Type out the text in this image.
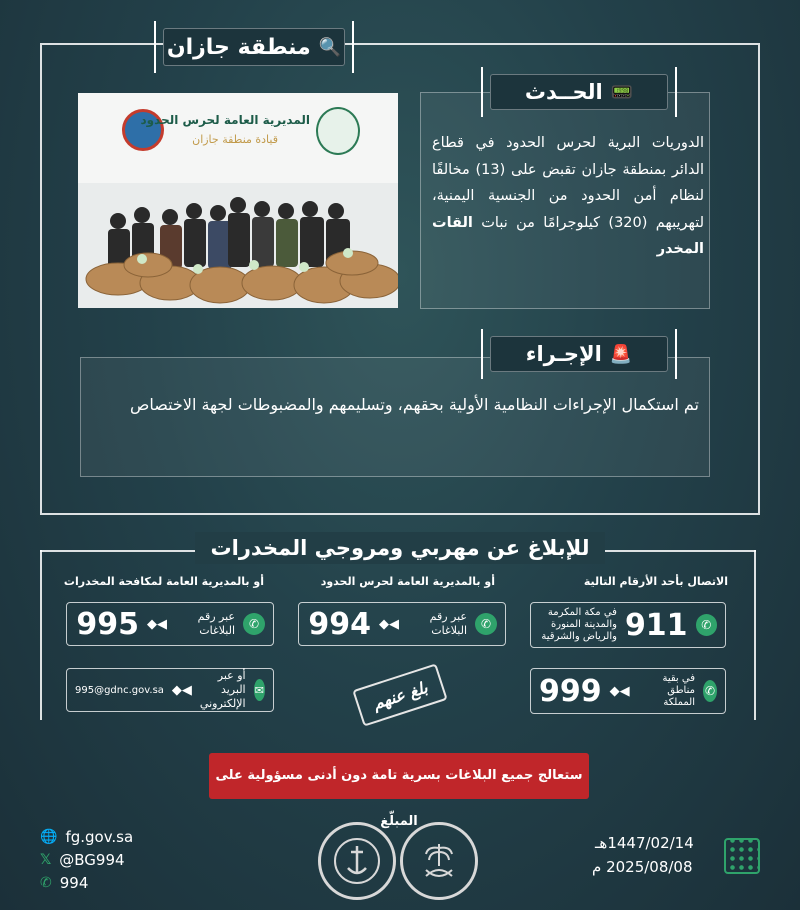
🔍
منطقة جازان
المديرية العامة لحرس الحدود
قيادة منطقة جازان
📟
الحــدث
الدوريات البرية لحرس الحدود في قطاع الدائر بمنطقة جازان تقبض على (13) مخالفًا لنظام أمن الحدود من الجنسية اليمنية، لتهريبهم (320) كيلوجرامًا من نبات القات المخدر
🚨
الإجـراء
تم استكمال الإجراءات النظامية الأولية بحقهم، وتسليمهم والمضبوطات لجهة الاختصاص
للإبلاغ عن مهربي ومروجي المخدرات
الاتصال بأحد الأرقام التالية
أو بالمديرية العامة لحرس الحدود
أو بالمديرية العامة لمكافحة المخدرات
✆
911
في مكة المكرمة والمدينة المنورة والرياض والشرقية
✆
في بقية مناطق المملكة
◆◀
999
✆
عبر رقم البلاغات
◆◀
994
بلغ عنهم
✆
عبر رقم البلاغات
◆◀
995
✉
أو عبر البريد الإلكتروني
◆◀
995@gdnc.gov.sa
ستعالج جميع البلاغات بسرية تامة دون أدنى مسؤولية على المبلّغ
🌐 fg.gov.sa
𝕏 @BG994
✆ 994
1447/02/14هـ
2025/08/08 م
